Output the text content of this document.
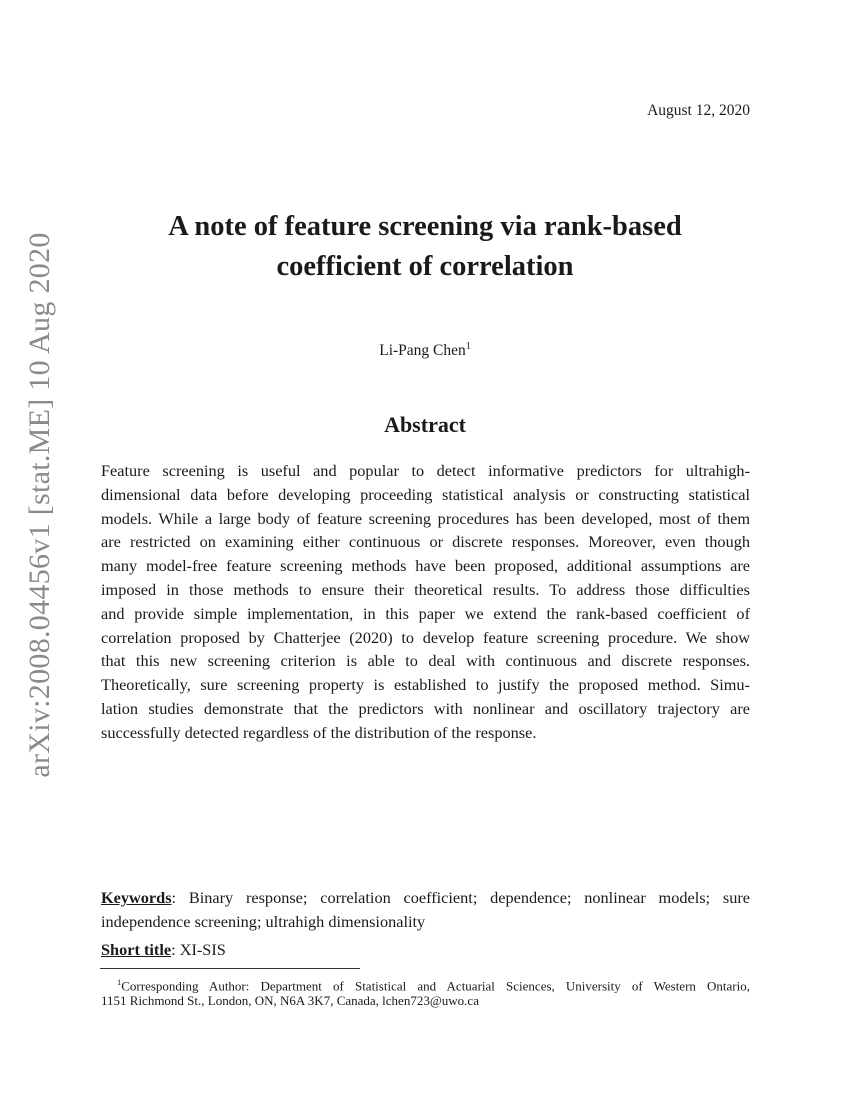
August 12, 2020
arXiv:2008.04456v1 [stat.ME] 10 Aug 2020
A note of feature screening via rank-based
coefficient of correlation
Li-Pang Chen$^1$
Abstract
Feature screening is useful and popular to detect informative predictors for ultrahigh-
dimensional data before developing proceeding statistical analysis or constructing statistical
models. While a large body of feature screening procedures has been developed, most of them
are restricted on examining either continuous or discrete responses. Moreover, even though
many model-free feature screening methods have been proposed, additional assumptions are
imposed in those methods to ensure their theoretical results. To address those difficulties
and provide simple implementation, in this paper we extend the rank-based coefficient of
correlation proposed by Chatterjee (2020) to develop feature screening procedure. We show
that this new screening criterion is able to deal with continuous and discrete responses.
Theoretically, sure screening property is established to justify the proposed method. Simu-
lation studies demonstrate that the predictors with nonlinear and oscillatory trajectory are
successfully detected regardless of the distribution of the response.
Keywords: Binary response; correlation coefficient; dependence; nonlinear models; sure
independence screening; ultrahigh dimensionality
Short title: XI-SIS
$^1$Corresponding Author: Department of Statistical and Actuarial Sciences, University of Western Ontario,
1151 Richmond St., London, ON, N6A 3K7, Canada, lchen723@uwo.ca
